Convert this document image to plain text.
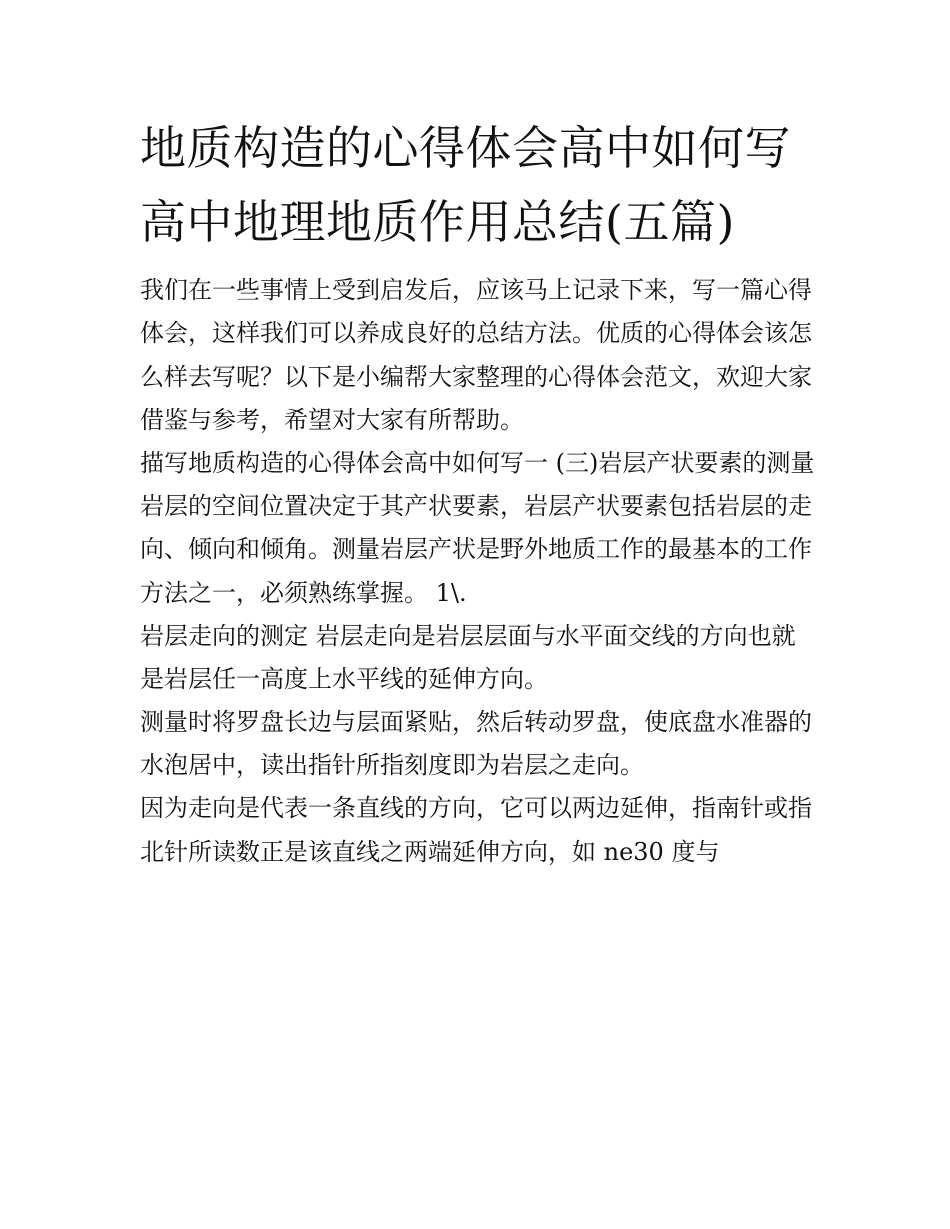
地质构造的心得体会高中如何写 高中地理地质作用总结(五篇)

我们在一些事情上受到启发后，应该马上记录下来，写一篇心得体会，这样我们可以养成良好的总结方法。优质的心得体会该怎么样去写呢？以下是小编帮大家整理的心得体会范文，欢迎大家借鉴与参考，希望对大家有所帮助。

描写地质构造的心得体会高中如何写一 (三)岩层产状要素的测量

岩层的空间位置决定于其产状要素，岩层产状要素包括岩层的走向、倾向和倾角。测量岩层产状是野外地质工作的最基本的工作方法之一，必须熟练掌握。 1\.

岩层走向的测定 岩层走向是岩层层面与水平面交线的方向也就是岩层任一高度上水平线的延伸方向。

测量时将罗盘长边与层面紧贴，然后转动罗盘，使底盘水准器的水泡居中，读出指针所指刻度即为岩层之走向。

因为走向是代表一条直线的方向，它可以两边延伸，指南针或指北针所读数正是该直线之两端延伸方向，如 ne30 度与
